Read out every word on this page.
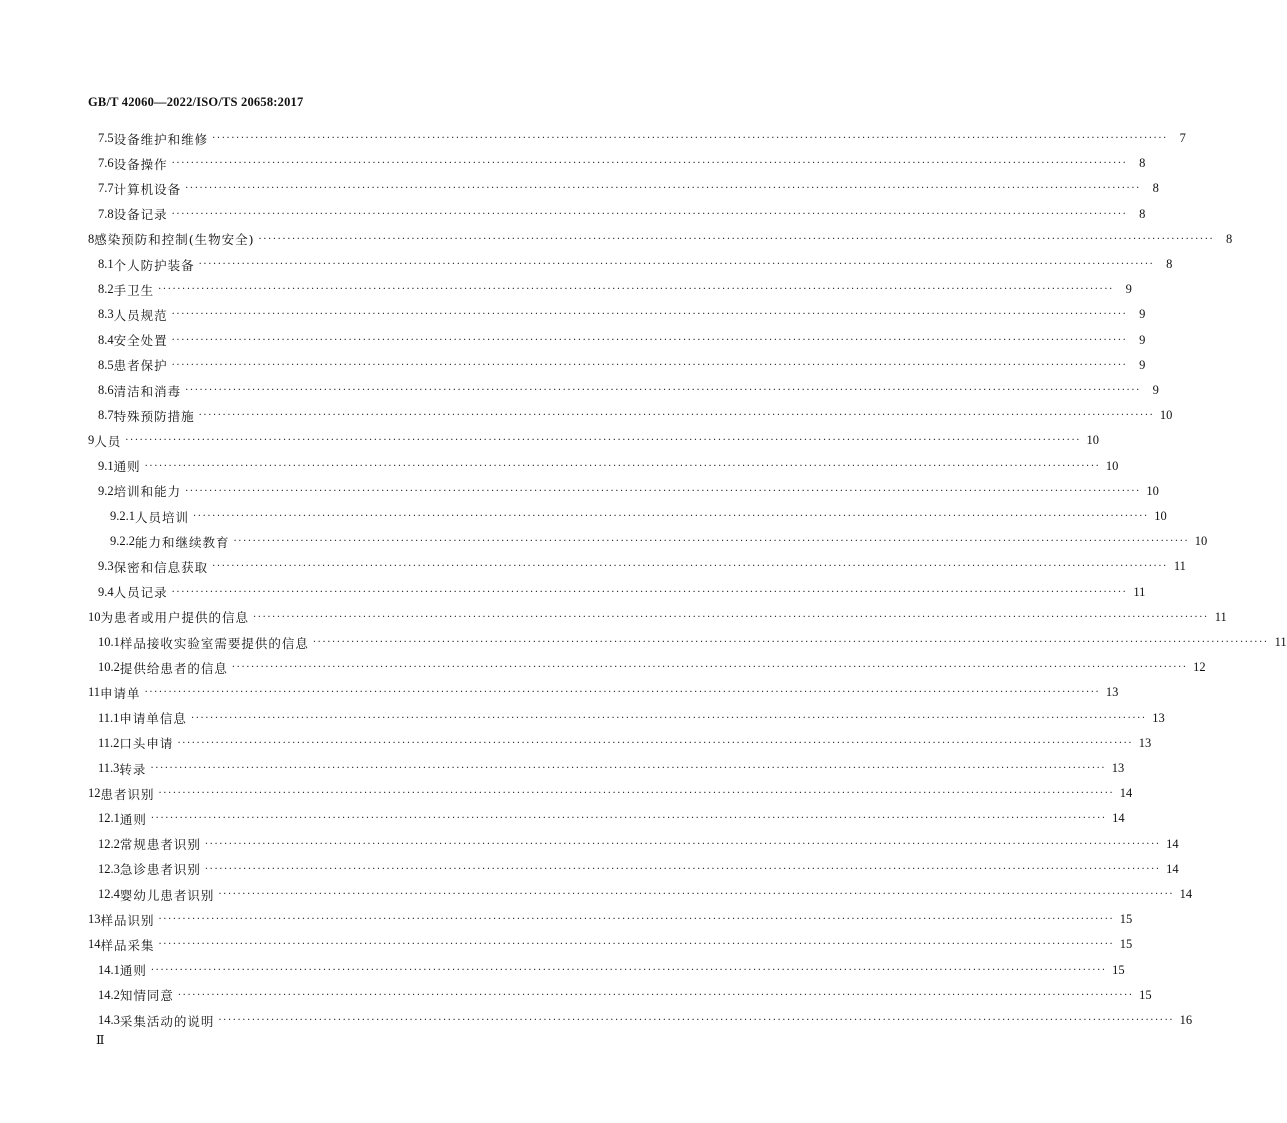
GB/T 42060—2022/ISO/TS 20658:2017
7.5 设备维护和维修 ········································································································································································································ 7
7.6 设备操作 ········································································································································································································ 8
7.7 计算机设备 ········································································································································································································ 8
7.8 设备记录 ········································································································································································································ 8
8 感染预防和控制(生物安全) ········································································································································································································ 8
8.1 个人防护装备 ········································································································································································································ 8
8.2 手卫生 ········································································································································································································ 9
8.3 人员规范 ········································································································································································································ 9
8.4 安全处置 ········································································································································································································ 9
8.5 患者保护 ········································································································································································································ 9
8.6 清洁和消毒 ········································································································································································································ 9
8.7 特殊预防措施 ········································································································································································································ 10
9 人员 ········································································································································································································ 10
9.1 通则 ········································································································································································································ 10
9.2 培训和能力 ········································································································································································································ 10
9.2.1 人员培训 ········································································································································································································ 10
9.2.2 能力和继续教育 ········································································································································································································ 10
9.3 保密和信息获取 ········································································································································································································ 11
9.4 人员记录 ········································································································································································································ 11
10 为患者或用户提供的信息 ········································································································································································································ 11
10.1 样品接收实验室需要提供的信息 ········································································································································································································ 11
10.2 提供给患者的信息 ········································································································································································································ 12
11 申请单 ········································································································································································································ 13
11.1 申请单信息 ········································································································································································································ 13
11.2 口头申请 ········································································································································································································ 13
11.3 转录 ········································································································································································································ 13
12 患者识别 ········································································································································································································ 14
12.1 通则 ········································································································································································································ 14
12.2 常规患者识别 ········································································································································································································ 14
12.3 急诊患者识别 ········································································································································································································ 14
12.4 婴幼儿患者识别 ········································································································································································································ 14
13 样品识别 ········································································································································································································ 15
14 样品采集 ········································································································································································································ 15
14.1 通则 ········································································································································································································ 15
14.2 知情同意 ········································································································································································································ 15
14.3 采集活动的说明 ········································································································································································································ 16
Ⅱ
